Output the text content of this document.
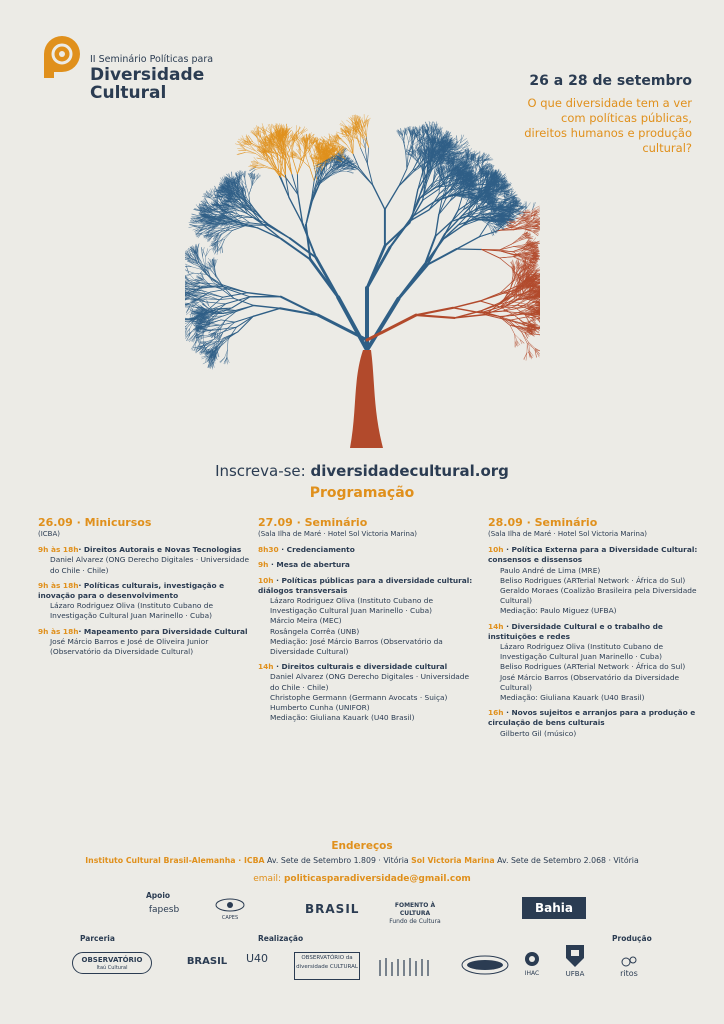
II Seminário Políticas para
Diversidade
Cultural
26 a 28 de setembro
O que diversidade tem a ver com políticas públicas, direitos humanos e produção cultural?
Inscreva-se: diversidadecultural.org
Programação
26.09 · Minicursos
(ICBA)
9h às 18h· Direitos Autorais e Novas Tecnologias
Daniel Alvarez (ONG Derecho Digitales · Universidade do Chile · Chile)
9h às 18h· Políticas culturais, investigação e inovação para o desenvolvimento
Lázaro Rodriguez Oliva (Instituto Cubano de Investigação Cultural Juan Marinello · Cuba)
9h às 18h· Mapeamento para Diversidade Cultural
José Márcio Barros e José de Oliveira Junior (Observatório da Diversidade Cultural)
27.09 · Seminário
(Sala Ilha de Maré · Hotel Sol Victoria Marina)
8h30 · Credenciamento
9h · Mesa de abertura
10h · Políticas públicas para a diversidade cultural: diálogos transversais
Lázaro Rodriguez Oliva (Instituto Cubano de Investigação Cultural Juan Marinello · Cuba)
Márcio Meira (MEC)
Rosângela Corrêa (UNB)
Mediação: José Márcio Barros (Observatório da Diversidade Cultural)
14h · Direitos culturais e diversidade cultural
Daniel Alvarez (ONG Derecho Digitales · Universidade do Chile · Chile)
Christophe Germann (Germann Avocats · Suiça)
Humberto Cunha (UNIFOR)
Mediação: Giuliana Kauark (U40 Brasil)
28.09 · Seminário
(Sala Ilha de Maré · Hotel Sol Victoria Marina)
10h · Política Externa para a Diversidade Cultural: consensos e dissensos
Paulo André de Lima (MRE)
Beliso Rodrigues (ARTerial Network · África do Sul)
Geraldo Moraes (Coalizão Brasileira pela Diversidade Cultural)
Mediação: Paulo Miguez (UFBA)
14h · Diversidade Cultural e o trabalho de instituições e redes
Lázaro Rodriguez Oliva (Instituto Cubano de Investigação Cultural Juan Marinello · Cuba)
Beliso Rodrigues (ARTerial Network · África do Sul)
José Márcio Barros (Observatório da Diversidade Cultural)
Mediação: Giuliana Kauark (U40 Brasil)
16h · Novos sujeitos e arranjos para a produção e circulação de bens culturais
Gilberto Gil (músico)
Endereços
Instituto Cultural Brasil-Alemanha · ICBA Av. Sete de Setembro 1.809 · Vitória Sol Victoria Marina Av. Sete de Setembro 2.068 · Vitória
email: politicasparadiversidade@gmail.com
Apoio
Parceria	Realização	Produção
fapesb
CAPES
BRASIL	FOMENTO À CULTURA
Fundo de Cultura
Bahia
OBSERVATÓRIO
Itaú Cultural
BRASIL	U40	OBSERVATÓRIO da diversidade CULTURAL
IHAC	UFBA	ritos
